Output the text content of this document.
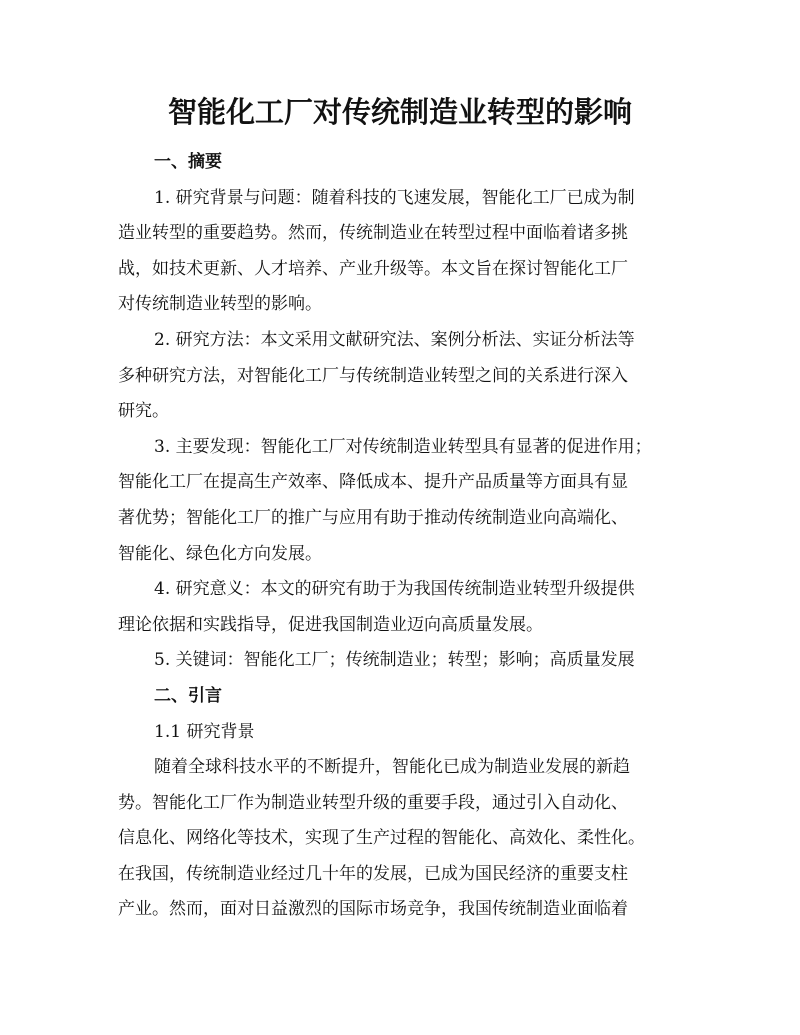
智能化工厂对传统制造业转型的影响
一、摘要

1. 研究背景与问题：随着科技的飞速发展，智能化工厂已成为制
造业转型的重要趋势。然而，传统制造业在转型过程中面临着诸多挑
战，如技术更新、人才培养、产业升级等。本文旨在探讨智能化工厂
对传统制造业转型的影响。

2. 研究方法：本文采用文献研究法、案例分析法、实证分析法等
多种研究方法，对智能化工厂与传统制造业转型之间的关系进行深入
研究。

3. 主要发现：智能化工厂对传统制造业转型具有显著的促进作用；
智能化工厂在提高生产效率、降低成本、提升产品质量等方面具有显
著优势；智能化工厂的推广与应用有助于推动传统制造业向高端化、
智能化、绿色化方向发展。

4. 研究意义：本文的研究有助于为我国传统制造业转型升级提供
理论依据和实践指导，促进我国制造业迈向高质量发展。

5. 关键词：智能化工厂；传统制造业；转型；影响；高质量发展

二、引言
1.1 研究背景

随着全球科技水平的不断提升，智能化已成为制造业发展的新趋
势。智能化工厂作为制造业转型升级的重要手段，通过引入自动化、
信息化、网络化等技术，实现了生产过程的智能化、高效化、柔性化。
在我国，传统制造业经过几十年的发展，已成为国民经济的重要支柱
产业。然而，面对日益激烈的国际市场竞争，我国传统制造业面临着
